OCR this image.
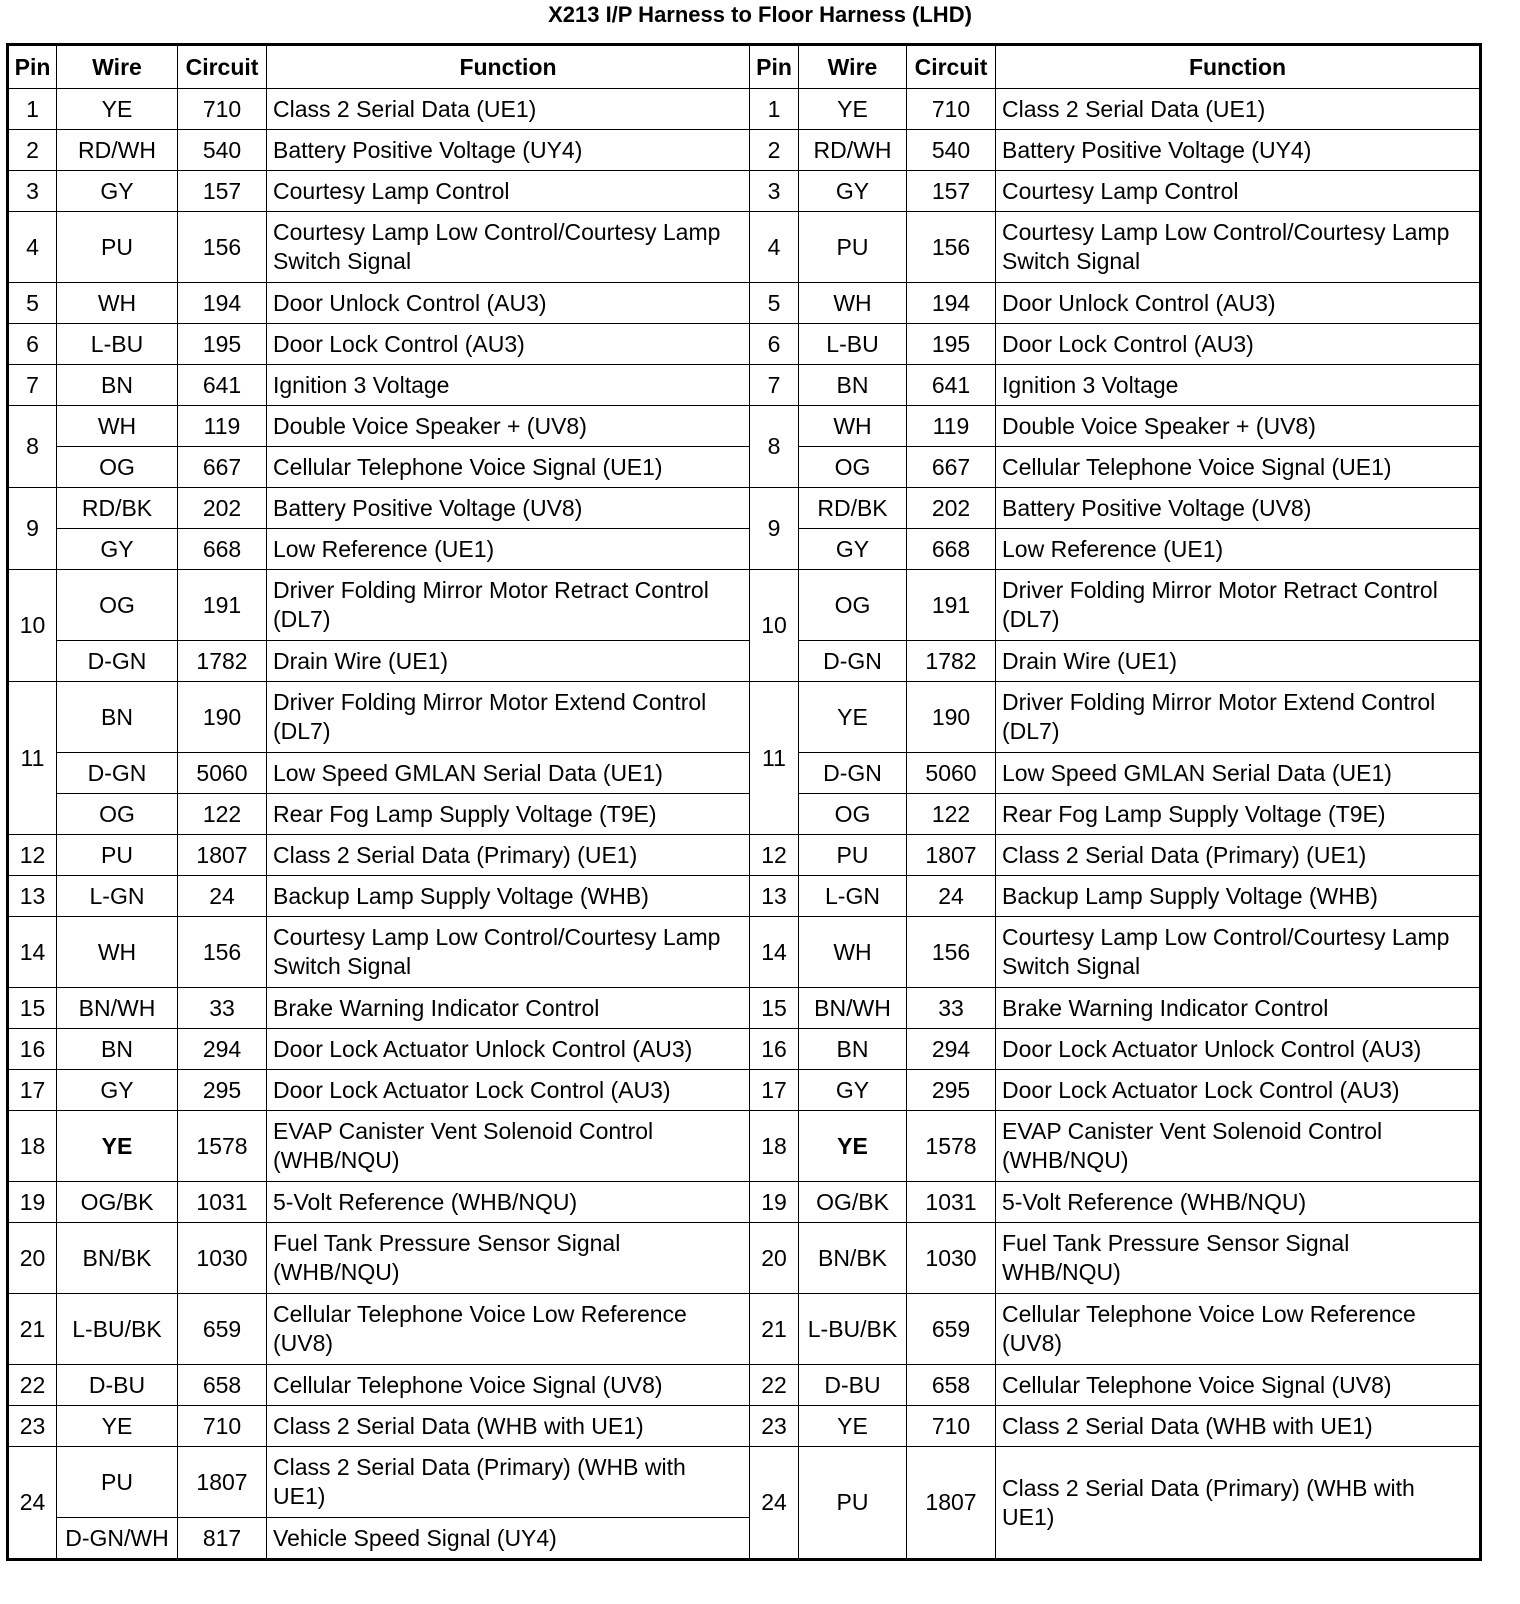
X213 I/P Harness to Floor Harness (LHD)
Pin	Wire	Circuit	Function	Pin	Wire	Circuit	Function
1	YE	710	Class 2 Serial Data (UE1)	1	YE	710	Class 2 Serial Data (UE1)
2	RD/WH	540	Battery Positive Voltage (UY4)	2	RD/WH	540	Battery Positive Voltage (UY4)
3	GY	157	Courtesy Lamp Control	3	GY	157	Courtesy Lamp Control
4	PU	156	Courtesy Lamp Low Control/Courtesy Lamp Switch Signal	4	PU	156	Courtesy Lamp Low Control/Courtesy Lamp Switch Signal
5	WH	194	Door Unlock Control (AU3)	5	WH	194	Door Unlock Control (AU3)
6	L-BU	195	Door Lock Control (AU3)	6	L-BU	195	Door Lock Control (AU3)
7	BN	641	Ignition 3 Voltage	7	BN	641	Ignition 3 Voltage
8	WH	119	Double Voice Speaker + (UV8)	8	WH	119	Double Voice Speaker + (UV8)
	OG	667	Cellular Telephone Voice Signal (UE1)		OG	667	Cellular Telephone Voice Signal (UE1)
9	RD/BK	202	Battery Positive Voltage (UV8)	9	RD/BK	202	Battery Positive Voltage (UV8)
	GY	668	Low Reference (UE1)		GY	668	Low Reference (UE1)
10	OG	191	Driver Folding Mirror Motor Retract Control (DL7)	10	OG	191	Driver Folding Mirror Motor Retract Control (DL7)
	D-GN	1782	Drain Wire (UE1)		D-GN	1782	Drain Wire (UE1)
11	BN	190	Driver Folding Mirror Motor Extend Control (DL7)	11	YE	190	Driver Folding Mirror Motor Extend Control (DL7)
	D-GN	5060	Low Speed GMLAN Serial Data (UE1)		D-GN	5060	Low Speed GMLAN Serial Data (UE1)
	OG	122	Rear Fog Lamp Supply Voltage (T9E)		OG	122	Rear Fog Lamp Supply Voltage (T9E)
12	PU	1807	Class 2 Serial Data (Primary) (UE1)	12	PU	1807	Class 2 Serial Data (Primary) (UE1)
13	L-GN	24	Backup Lamp Supply Voltage (WHB)	13	L-GN	24	Backup Lamp Supply Voltage (WHB)
14	WH	156	Courtesy Lamp Low Control/Courtesy Lamp Switch Signal	14	WH	156	Courtesy Lamp Low Control/Courtesy Lamp Switch Signal
15	BN/WH	33	Brake Warning Indicator Control	15	BN/WH	33	Brake Warning Indicator Control
16	BN	294	Door Lock Actuator Unlock Control (AU3)	16	BN	294	Door Lock Actuator Unlock Control (AU3)
17	GY	295	Door Lock Actuator Lock Control (AU3)	17	GY	295	Door Lock Actuator Lock Control (AU3)
18	YE	1578	EVAP Canister Vent Solenoid Control (WHB/NQU)	18	YE	1578	EVAP Canister Vent Solenoid Control (WHB/NQU)
19	OG/BK	1031	5-Volt Reference (WHB/NQU)	19	OG/BK	1031	5-Volt Reference (WHB/NQU)
20	BN/BK	1030	Fuel Tank Pressure Sensor Signal (WHB/NQU)	20	BN/BK	1030	Fuel Tank Pressure Sensor Signal WHB/NQU)
21	L-BU/BK	659	Cellular Telephone Voice Low Reference (UV8)	21	L-BU/BK	659	Cellular Telephone Voice Low Reference (UV8)
22	D-BU	658	Cellular Telephone Voice Signal (UV8)	22	D-BU	658	Cellular Telephone Voice Signal (UV8)
23	YE	710	Class 2 Serial Data (WHB with UE1)	23	YE	710	Class 2 Serial Data (WHB with UE1)
24	PU	1807	Class 2 Serial Data (Primary) (WHB with UE1)	24	PU	1807	Class 2 Serial Data (Primary) (WHB with UE1)
	D-GN/WH	817	Vehicle Speed Signal (UY4)				
